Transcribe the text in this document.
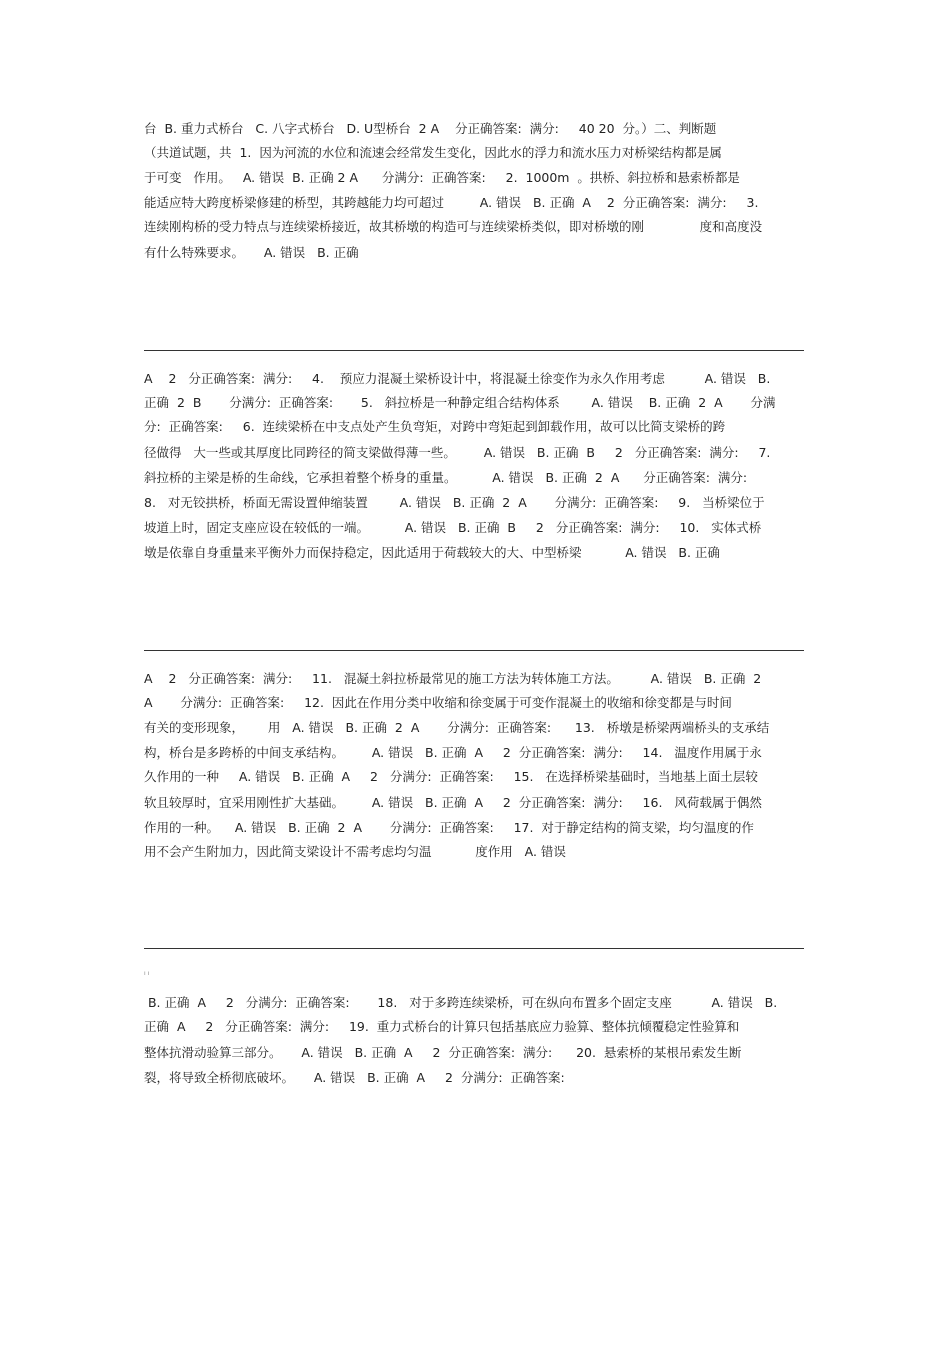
台  B. 重力式桥台   C. 八字式桥台   D. U型桥台  2 A    分正确答案:  满分:     40 20  分。）二、判断题
（共道试题，共  1.  因为河流的水位和流速会经常发生变化，因此水的浮力和流水压力对桥梁结构都是属
于可变   作用。   A. 错误  B. 正确 2 A      分满分:  正确答案:     2.  1000m  。拱桥、斜拉桥和悬索桥都是
能适应特大跨度桥梁修建的桥型，其跨越能力均可超过         A. 错误   B. 正确  A    2  分正确答案:  满分:     3.
连续刚构桥的受力特点与连续梁桥接近，故其桥墩的构造可与连续梁桥类似，即对桥墩的刚              度和高度没
有什么特殊要求。     A. 错误   B. 正确
A    2   分正确答案:  满分:     4.    预应力混凝土梁桥设计中，将混凝土徐变作为永久作用考虑          A. 错误   B.
正确  2  B       分满分:  正确答案:       5.   斜拉桥是一种静定组合结构体系        A. 错误    B. 正确  2  A       分满
分:  正确答案:     6.  连续梁桥在中支点处产生负弯矩，对跨中弯矩起到卸载作用，故可以比简支梁桥的跨
径做得   大一些或其厚度比同跨径的简支梁做得薄一些。       A. 错误   B. 正确  B     2   分正确答案:  满分:     7.
斜拉桥的主梁是桥的生命线，它承担着整个桥身的重量。         A. 错误   B. 正确  2  A      分正确答案:  满分:
8.   对无铰拱桥，桥面无需设置伸缩装置        A. 错误   B. 正确  2  A       分满分:  正确答案:     9.   当桥梁位于
坡道上时，固定支座应设在较低的一端。         A. 错误   B. 正确  B     2   分正确答案:  满分:     10.   实体式桥
墩是依靠自身重量来平衡外力而保持稳定，因此适用于荷载较大的大、中型桥梁           A. 错误   B. 正确
A    2   分正确答案:  满分:     11.   混凝土斜拉桥最常见的施工方法为转体施工方法。        A. 错误   B. 正确  2
A       分满分:  正确答案:     12.  因此在作用分类中收缩和徐变属于可变作混凝土的收缩和徐变都是与时间
有关的变形现象，      用   A. 错误   B. 正确  2  A       分满分:  正确答案:      13.   桥墩是桥梁两端桥头的支承结
构，桥台是多跨桥的中间支承结构。       A. 错误   B. 正确  A     2  分正确答案:  满分:     14.   温度作用属于永
久作用的一种     A. 错误   B. 正确  A     2   分满分:  正确答案:     15.   在选择桥梁基础时，当地基上面土层较
软且较厚时，宜采用刚性扩大基础。       A. 错误   B. 正确  A     2  分正确答案:  满分:     16.   风荷载属于偶然
作用的一种。    A. 错误   B. 正确  2  A       分满分:  正确答案:     17.  对于静定结构的简支梁，均匀温度的作
用不会产生附加力，因此简支梁设计不需考虑均匀温           度作用   A. 错误
ı ı
B. 正确  A     2   分满分:  正确答案:       18.   对于多跨连续梁桥，可在纵向布置多个固定支座          A. 错误   B.
正确  A     2   分正确答案:  满分:     19.  重力式桥台的计算只包括基底应力验算、整体抗倾覆稳定性验算和
整体抗滑动验算三部分。     A. 错误   B. 正确  A     2  分正确答案:  满分:      20.  悬索桥的某根吊索发生断
裂，将导致全桥彻底破坏。     A. 错误   B. 正确  A     2  分满分:  正确答案:
